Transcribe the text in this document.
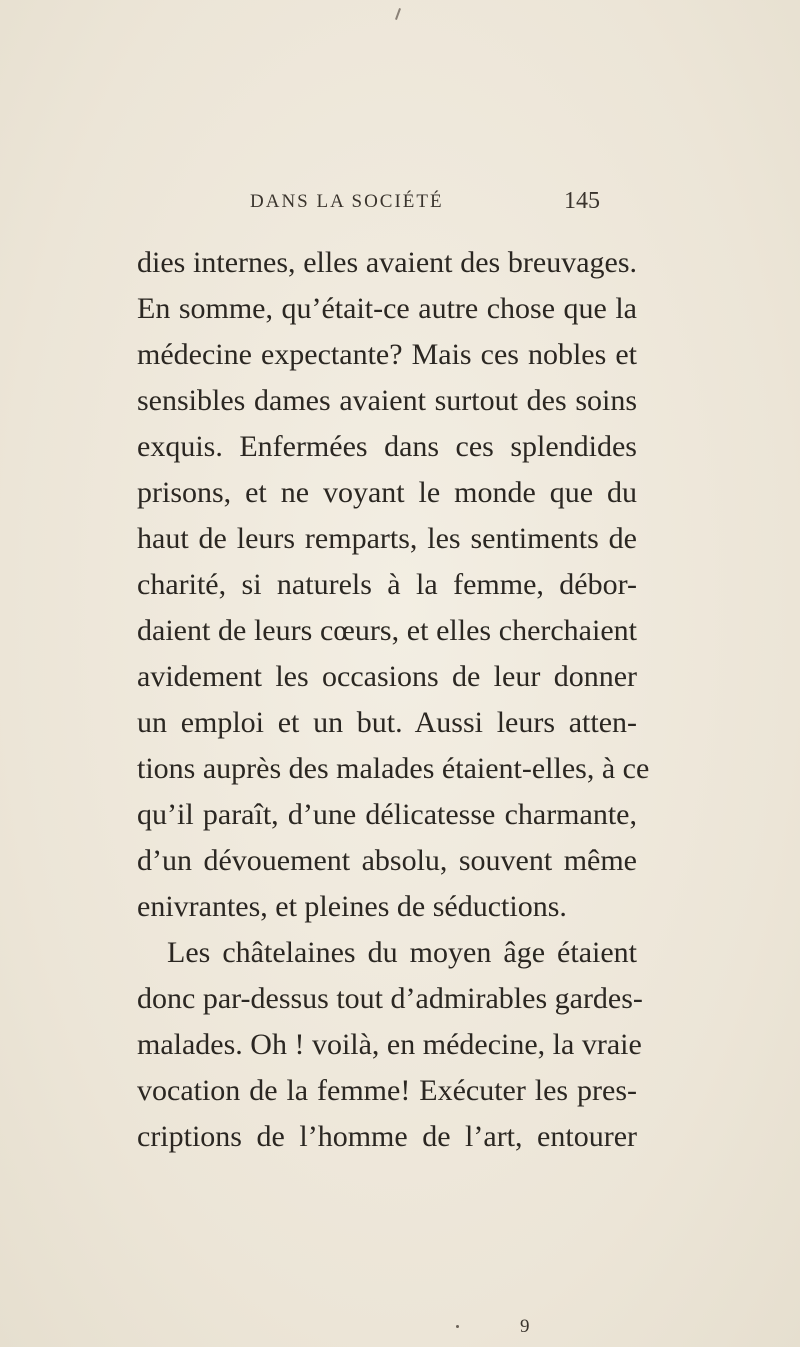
DANS LA SOCIÉTÉ	145
dies internes, elles avaient des breuvages.
En somme, qu’était-ce autre chose que la
médecine expectante? Mais ces nobles et
sensibles dames avaient surtout des soins
exquis. Enfermées dans ces splendides
prisons, et ne voyant le monde que du
haut de leurs remparts, les sentiments de
charité, si naturels à la femme, débor-
daient de leurs cœurs, et elles cherchaient
avidement les occasions de leur donner
un emploi et un but. Aussi leurs atten-
tions auprès des malades étaient-elles, à ce
qu’il paraît, d’une délicatesse charmante,
d’un dévouement absolu, souvent même
enivrantes, et pleines de séductions.
Les châtelaines du moyen âge étaient
donc par-dessus tout d’admirables gardes-
malades. Oh ! voilà, en médecine, la vraie
vocation de la femme! Exécuter les pres-
criptions de l’homme de l’art, entourer
9
